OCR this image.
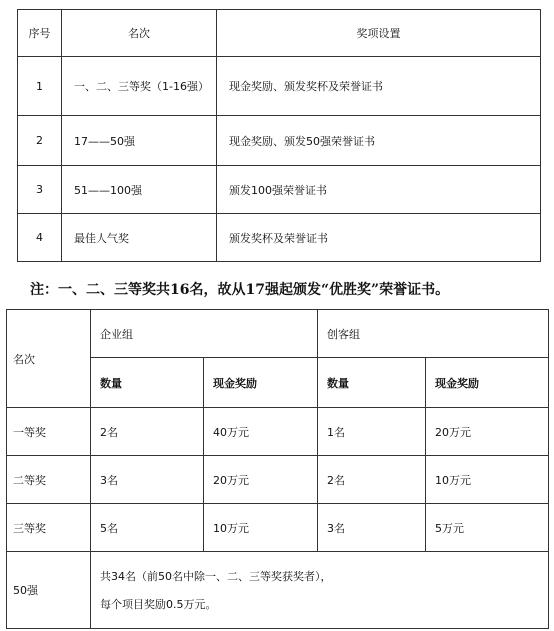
序号	名次	奖项设置
1	一、二、三等奖（1-16强）	现金奖励、颁发奖杯及荣誉证书
2	17——50强	现金奖励、颁发50强荣誉证书
3	51——100强	颁发100强荣誉证书
4	最佳人气奖	颁发奖杯及荣誉证书
注：一、二、三等奖共16名，故从17强起颁发“优胜奖”荣誉证书。
名次	企业组		创客组	
	数量	现金奖励	数量	现金奖励
一等奖	2名	40万元	1名	20万元
二等奖	3名	20万元	2名	10万元
三等奖	5名	10万元	3名	5万元
50强	共34名（前50名中除一、二、三等奖获奖者），
每个项目奖励0.5万元。			
